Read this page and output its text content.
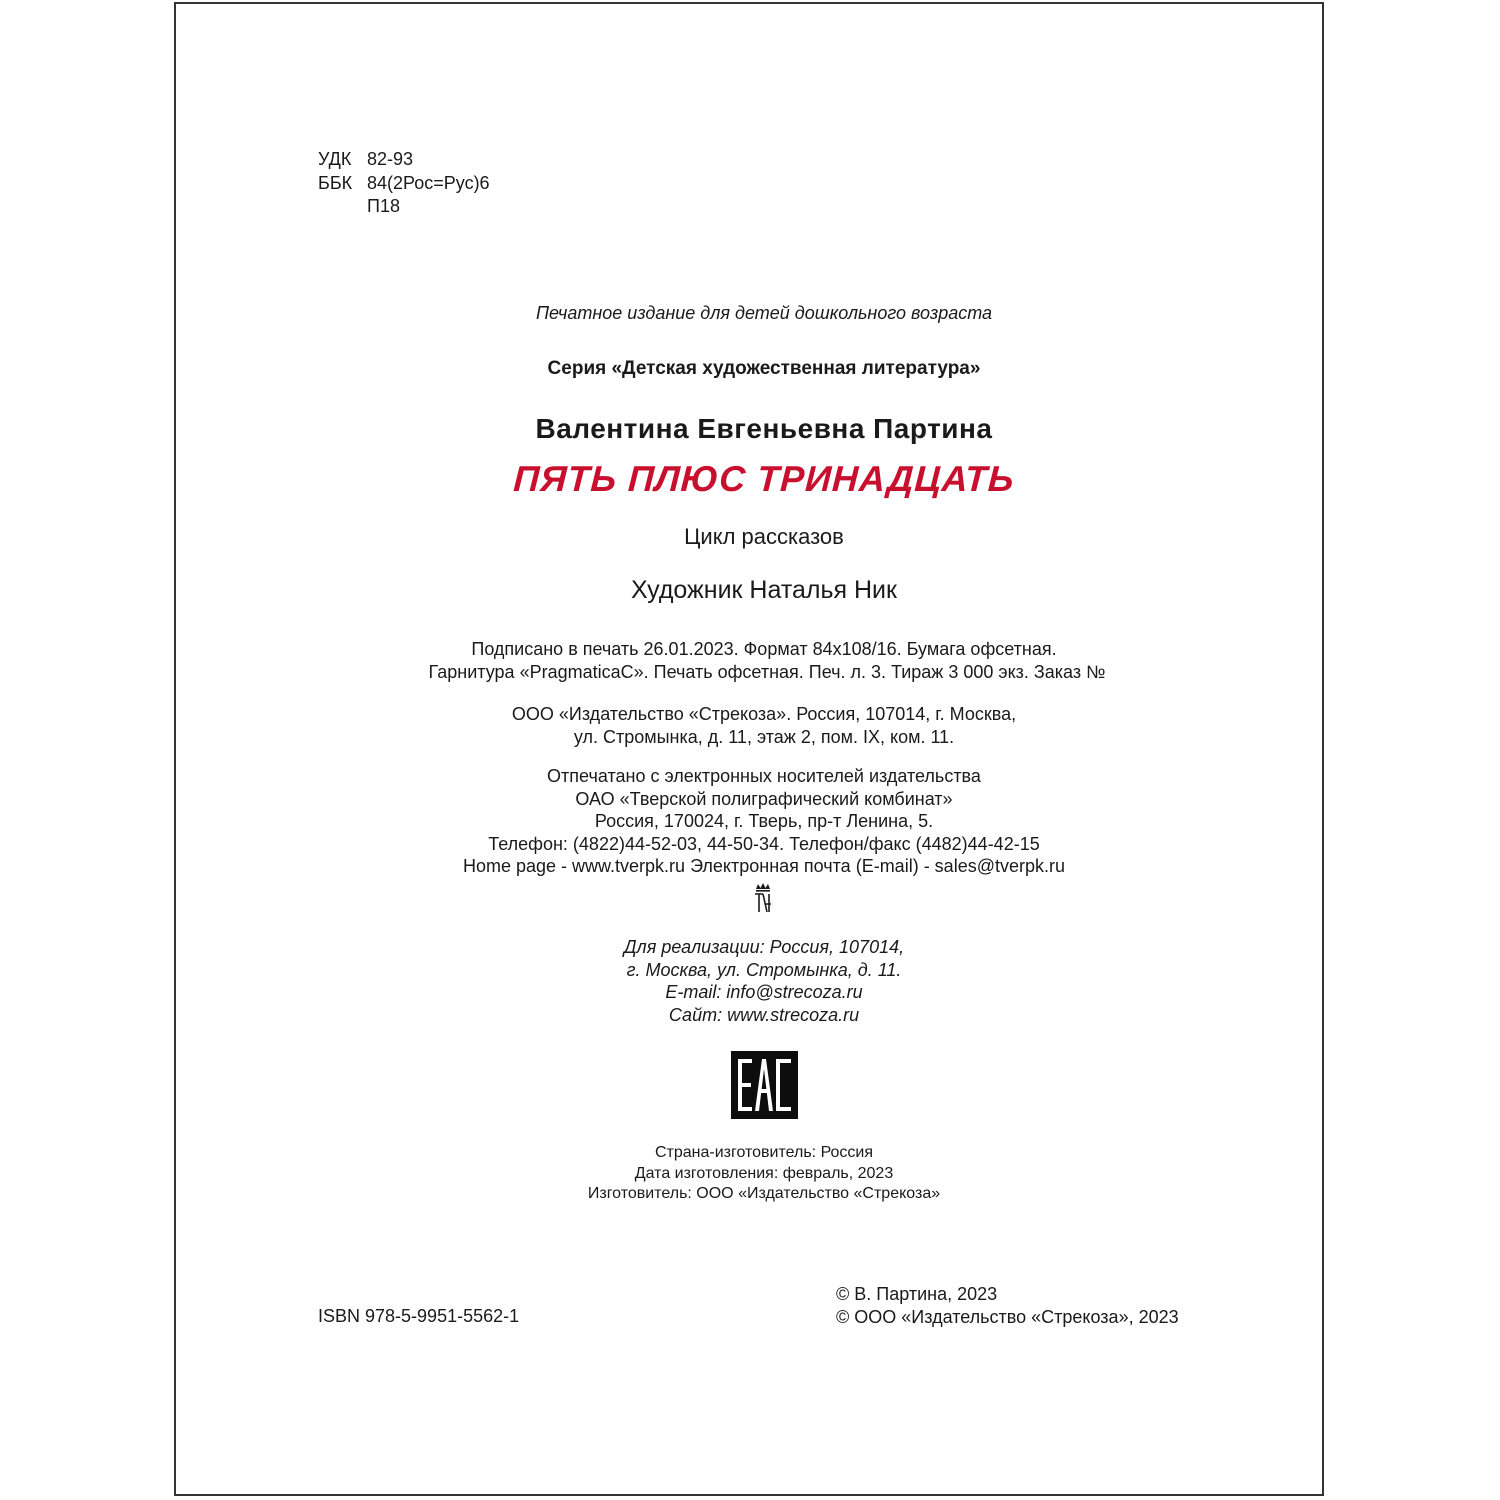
УДК 82-93
ББК 84(2Рос=Рус)6
П18
Печатное издание для детей дошкольного возраста
Серия «Детская художественная литература»
Валентина Евгеньевна Партина
ПЯТЬ ПЛЮС ТРИНАДЦАТЬ
Цикл рассказов
Художник Наталья Ник
Подписано в печать 26.01.2023. Формат 84x108/16. Бумага офсетная.
Гарнитура «PragmaticaC». Печать офсетная. Печ. л. 3. Тираж 3 000 экз. Заказ №
ООО «Издательство «Стрекоза». Россия, 107014, г. Москва,
ул. Стромынка, д. 11, этаж 2, пом. IX, ком. 11.
Отпечатано с электронных носителей издательства
ОАО «Тверской полиграфический комбинат»
Россия, 170024, г. Тверь, пр-т Ленина, 5.
Телефон: (4822)44-52-03, 44-50-34. Телефон/факс (4482)44-42-15
Home page - www.tverpk.ru Электронная почта (E-mail) - sales@tverpk.ru
Для реализации: Россия, 107014,
г. Москва, ул. Стромынка, д. 11.
E-mail: info@strecoza.ru
Сайт: www.strecoza.ru
Страна-изготовитель: Россия
Дата изготовления: февраль, 2023
Изготовитель: ООО «Издательство «Стрекоза»
ISBN 978-5-9951-5562-1
© В. Партина, 2023
© ООО «Издательство «Стрекоза», 2023
